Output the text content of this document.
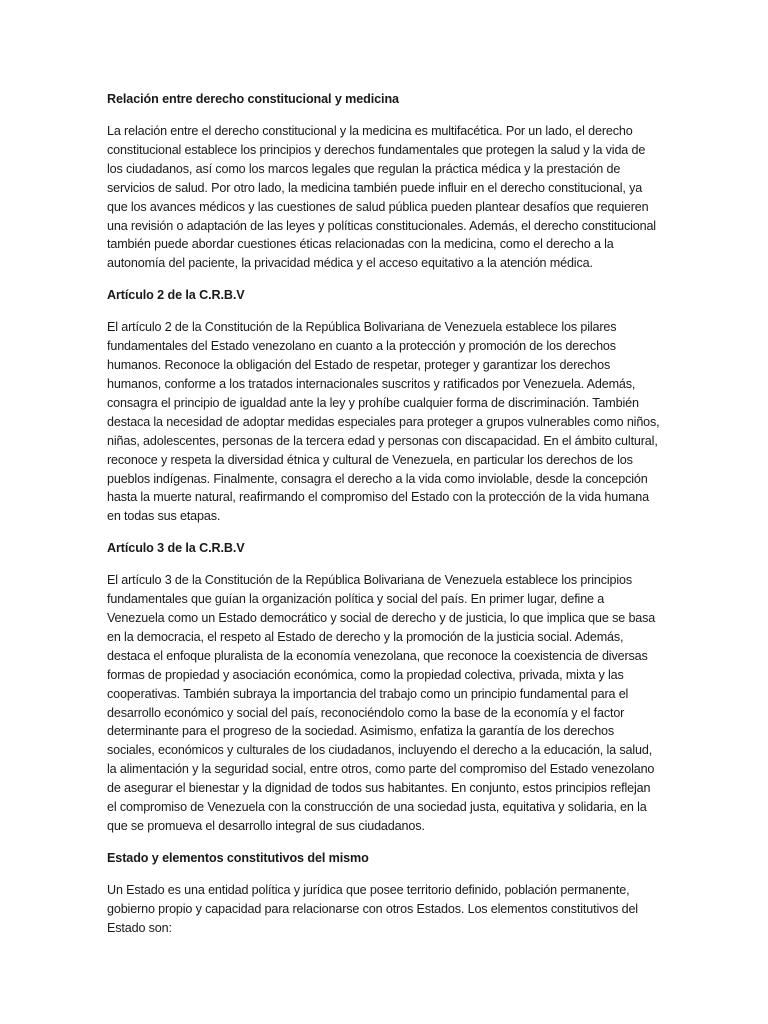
Relación entre derecho constitucional y medicina

La relación entre el derecho constitucional y la medicina es multifacética. Por un lado, el derecho constitucional establece los principios y derechos fundamentales que protegen la salud y la vida de los ciudadanos, así como los marcos legales que regulan la práctica médica y la prestación de servicios de salud. Por otro lado, la medicina también puede influir en el derecho constitucional, ya que los avances médicos y las cuestiones de salud pública pueden plantear desafíos que requieren una revisión o adaptación de las leyes y políticas constitucionales. Además, el derecho constitucional también puede abordar cuestiones éticas relacionadas con la medicina, como el derecho a la autonomía del paciente, la privacidad médica y el acceso equitativo a la atención médica.

Artículo 2 de la C.R.B.V

El artículo 2 de la Constitución de la República Bolivariana de Venezuela establece los pilares fundamentales del Estado venezolano en cuanto a la protección y promoción de los derechos humanos. Reconoce la obligación del Estado de respetar, proteger y garantizar los derechos humanos, conforme a los tratados internacionales suscritos y ratificados por Venezuela. Además, consagra el principio de igualdad ante la ley y prohíbe cualquier forma de discriminación. También destaca la necesidad de adoptar medidas especiales para proteger a grupos vulnerables como niños, niñas, adolescentes, personas de la tercera edad y personas con discapacidad. En el ámbito cultural, reconoce y respeta la diversidad étnica y cultural de Venezuela, en particular los derechos de los pueblos indígenas. Finalmente, consagra el derecho a la vida como inviolable, desde la concepción hasta la muerte natural, reafirmando el compromiso del Estado con la protección de la vida humana en todas sus etapas.

Artículo 3 de la C.R.B.V

El artículo 3 de la Constitución de la República Bolivariana de Venezuela establece los principios fundamentales que guían la organización política y social del país. En primer lugar, define a Venezuela como un Estado democrático y social de derecho y de justicia, lo que implica que se basa en la democracia, el respeto al Estado de derecho y la promoción de la justicia social. Además, destaca el enfoque pluralista de la economía venezolana, que reconoce la coexistencia de diversas formas de propiedad y asociación económica, como la propiedad colectiva, privada, mixta y las cooperativas. También subraya la importancia del trabajo como un principio fundamental para el desarrollo económico y social del país, reconociéndolo como la base de la economía y el factor determinante para el progreso de la sociedad. Asimismo, enfatiza la garantía de los derechos sociales, económicos y culturales de los ciudadanos, incluyendo el derecho a la educación, la salud, la alimentación y la seguridad social, entre otros, como parte del compromiso del Estado venezolano de asegurar el bienestar y la dignidad de todos sus habitantes. En conjunto, estos principios reflejan el compromiso de Venezuela con la construcción de una sociedad justa, equitativa y solidaria, en la que se promueva el desarrollo integral de sus ciudadanos.

Estado y elementos constitutivos del mismo

Un Estado es una entidad política y jurídica que posee territorio definido, población permanente, gobierno propio y capacidad para relacionarse con otros Estados. Los elementos constitutivos del Estado son:
